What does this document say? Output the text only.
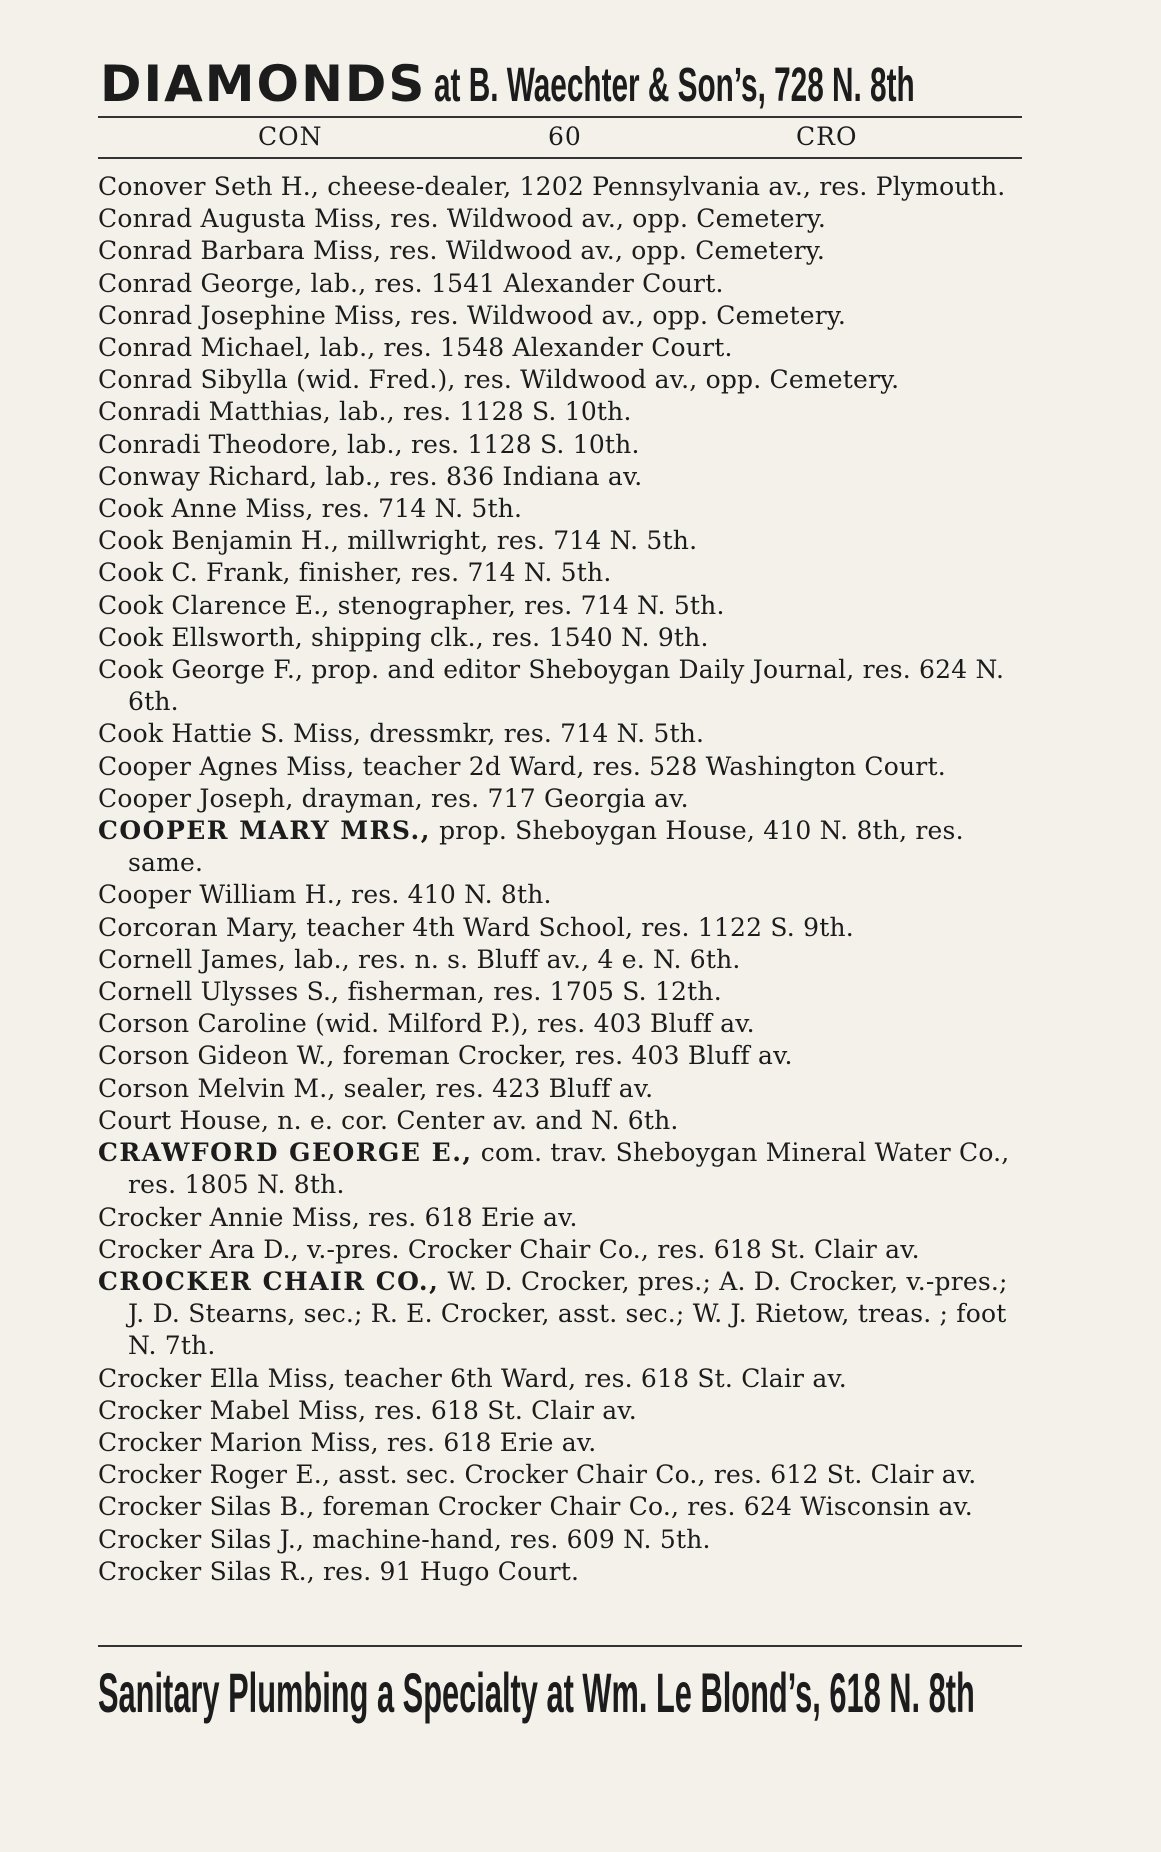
DIAMONDS at B. Waechter & Son’s, 728 N. 8th
CON	60	CRO
Conover Seth H., cheese-dealer, 1202 Pennsylvania av., res. Plymouth.
Conrad Augusta Miss, res. Wildwood av., opp. Cemetery.
Conrad Barbara Miss, res. Wildwood av., opp. Cemetery.
Conrad George, lab., res. 1541 Alexander Court.
Conrad Josephine Miss, res. Wildwood av., opp. Cemetery.
Conrad Michael, lab., res. 1548 Alexander Court.
Conrad Sibylla (wid. Fred.), res. Wildwood av., opp. Cemetery.
Conradi Matthias, lab., res. 1128 S. 10th.
Conradi Theodore, lab., res. 1128 S. 10th.
Conway Richard, lab., res. 836 Indiana av.
Cook Anne Miss, res. 714 N. 5th.
Cook Benjamin H., millwright, res. 714 N. 5th.
Cook C. Frank, finisher, res. 714 N. 5th.
Cook Clarence E., stenographer, res. 714 N. 5th.
Cook Ellsworth, shipping clk., res. 1540 N. 9th.
Cook George F., prop. and editor Sheboygan Daily Journal, res. 624 N. 6th.
Cook Hattie S. Miss, dressmkr, res. 714 N. 5th.
Cooper Agnes Miss, teacher 2d Ward, res. 528 Washington Court.
Cooper Joseph, drayman, res. 717 Georgia av.
COOPER MARY MRS., prop. Sheboygan House, 410 N. 8th, res. same.
Cooper William H., res. 410 N. 8th.
Corcoran Mary, teacher 4th Ward School, res. 1122 S. 9th.
Cornell James, lab., res. n. s. Bluff av., 4 e. N. 6th.
Cornell Ulysses S., fisherman, res. 1705 S. 12th.
Corson Caroline (wid. Milford P.), res. 403 Bluff av.
Corson Gideon W., foreman Crocker, res. 403 Bluff av.
Corson Melvin M., sealer, res. 423 Bluff av.
Court House, n. e. cor. Center av. and N. 6th.
CRAWFORD GEORGE E., com. trav. Sheboygan Mineral Water Co., res. 1805 N. 8th.
Crocker Annie Miss, res. 618 Erie av.
Crocker Ara D., v.-pres. Crocker Chair Co., res. 618 St. Clair av.
CROCKER CHAIR CO., W. D. Crocker, pres.; A. D. Crocker, v.-pres.; J. D. Stearns, sec.; R. E. Crocker, asst. sec.; W. J. Rietow, treas. ; foot N. 7th.
Crocker Ella Miss, teacher 6th Ward, res. 618 St. Clair av.
Crocker Mabel Miss, res. 618 St. Clair av.
Crocker Marion Miss, res. 618 Erie av.
Crocker Roger E., asst. sec. Crocker Chair Co., res. 612 St. Clair av.
Crocker Silas B., foreman Crocker Chair Co., res. 624 Wisconsin av.
Crocker Silas J., machine-hand, res. 609 N. 5th.
Crocker Silas R., res. 91 Hugo Court.
Sanitary Plumbing a Specialty at Wm. Le Blond’s, 618 N. 8th
